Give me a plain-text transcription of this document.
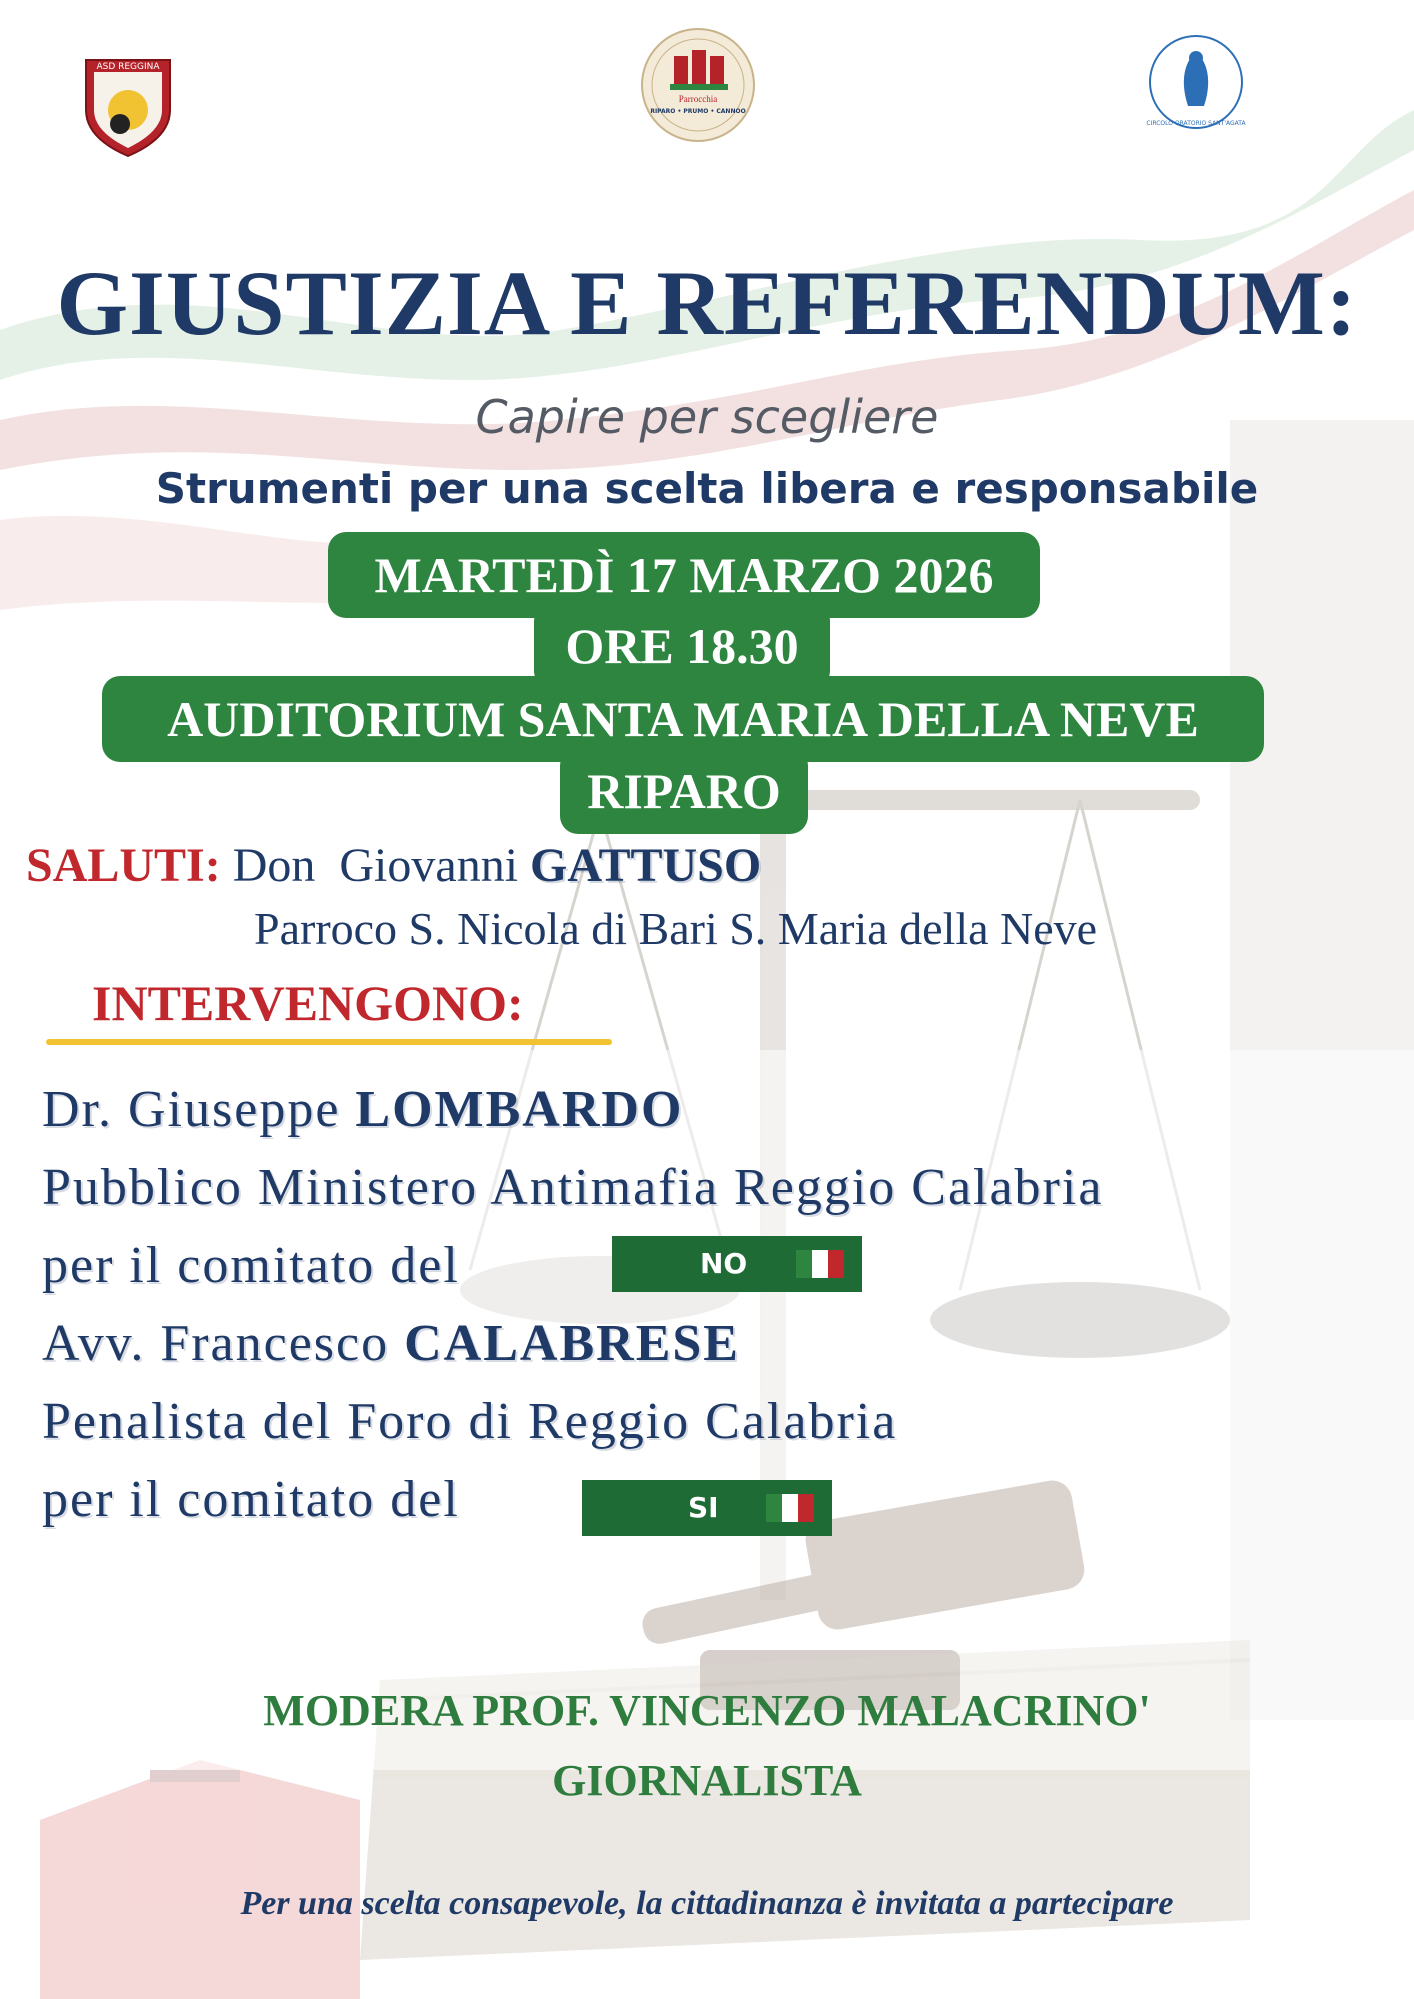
ASD REGGINA
Parrocchia
RIPARO • PRUMO • CANNOO
CIRCOLO ORATORIO SANT'AGATA
GIUSTIZIA E REFERENDUM:
Capire per scegliere
Strumenti per una scelta libera e responsabile
MARTEDÌ 17 MARZO 2026
ORE 18.30
AUDITORIUM SANTA MARIA DELLA NEVE
RIPARO
SALUTI: Don  Giovanni GATTUSO
Parroco S. Nicola di Bari S. Maria della Neve
INTERVENGONO:
Dr. Giuseppe LOMBARDO
Pubblico Ministero Antimafia Reggio Calabria
per il comitato del	NO
Avv. Francesco CALABRESE
Penalista del Foro di Reggio Calabria
per il comitato del	SI
MODERA PROF. VINCENZO MALACRINO'
GIORNALISTA
Per una scelta consapevole, la cittadinanza è invitata a partecipare
